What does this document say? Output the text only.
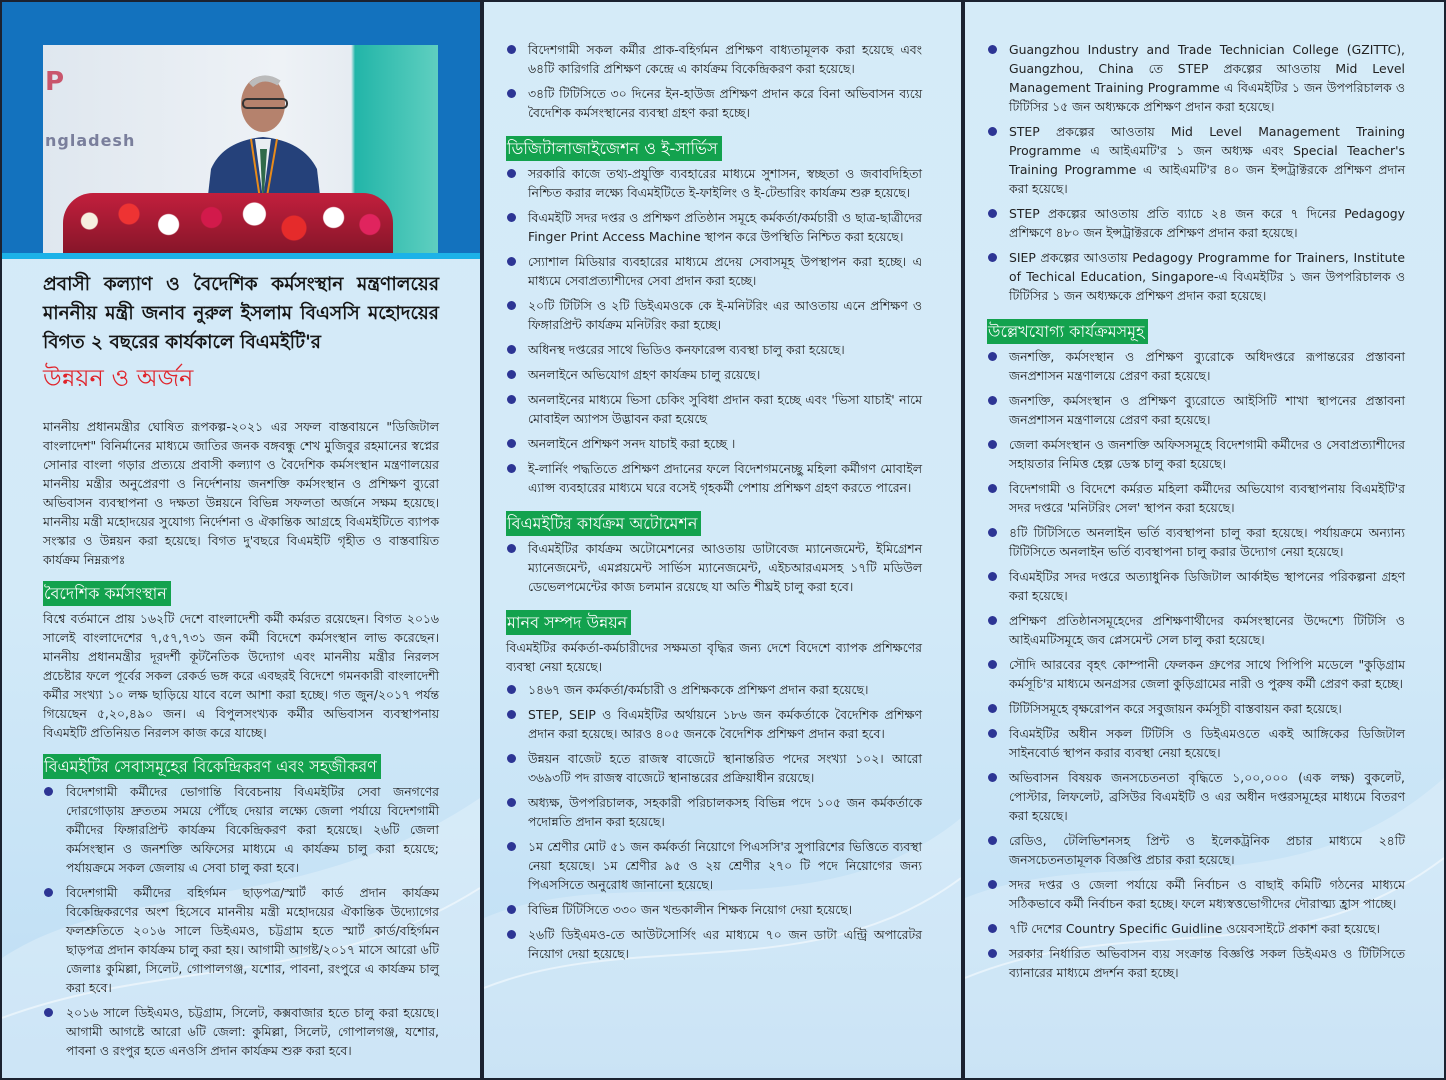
P
ngladesh
প্রবাসী কল্যাণ ও বৈদেশিক কর্মসংস্থান মন্ত্রণালয়ের মাননীয় মন্ত্রী জনাব নুরুল ইসলাম বিএসসি মহোদয়ের বিগত ২ বছরের কার্যকালে বিএমইটি'র
উন্নয়ন ও অর্জন

মাননীয় প্রধানমন্ত্রীর ঘোষিত রূপকল্প-২০২১ এর সফল বাস্তবায়নে "ডিজিটাল বাংলাদেশ" বিনির্মানের মাধ্যমে জাতির জনক বঙ্গবন্ধু শেখ মুজিবুর রহমানের স্বপ্নের সোনার বাংলা গড়ার প্রত্যয়ে প্রবাসী কল্যাণ ও বৈদেশিক কর্মসংস্থান মন্ত্রণালয়ের মাননীয় মন্ত্রীর অনুপ্রেরণা ও নির্দেশনায় জনশক্তি কর্মসংস্থান ও প্রশিক্ষণ ব্যুরো অভিবাসন ব্যবস্থাপনা ও দক্ষতা উন্নয়নে বিভিন্ন সফলতা অর্জনে সক্ষম হয়েছে। মাননীয় মন্ত্রী মহোদয়ের সুযোগ্য নির্দেশনা ও ঐকান্তিক আগ্রহে বিএমইটিতে ব্যাপক সংস্কার ও উন্নয়ন করা হয়েছে। বিগত দু'বছরে বিএমইটি গৃহীত ও বাস্তবায়িত কার্যক্রম নিম্নরূপঃ

বৈদেশিক কর্মসংস্থান

বিশ্বে বর্তমানে প্রায় ১৬২টি দেশে বাংলাদেশী কর্মী কর্মরত রয়েছেন। বিগত ২০১৬ সালেই বাংলাদেশের ৭,৫৭,৭৩১ জন কর্মী বিদেশে কর্মসংস্থান লাভ করেছেন। মাননীয় প্রধানমন্ত্রীর দূরদর্শী কূটনৈতিক উদ্যোগ এবং মাননীয় মন্ত্রীর নিরলস প্রচেষ্টার ফলে পূর্বের সকল রেকর্ড ভঙ্গ করে এবছরই বিদেশে গমনকারী বাংলাদেশী কর্মীর সংখ্যা ১০ লক্ষ ছাড়িয়ে যাবে বলে আশা করা হচ্ছে। গত জুন/২০১৭ পর্যন্ত গিয়েছেন ৫,২০,৪৯০ জন। এ বিপুলসংখ্যক কর্মীর অভিবাসন ব্যবস্থাপনায় বিএমইটি প্রতিনিয়ত নিরলস কাজ করে যাচ্ছে।

বিএমইটির সেবাসমূহের বিকেন্দ্রিকরণ এবং সহজীকরণ
বিদেশগামী কর্মীদের ভোগান্তি বিবেচনায় বিএমইটির সেবা জনগণের দোরগোড়ায় দ্রুততম সময়ে পৌঁছে দেয়ার লক্ষ্যে জেলা পর্যায়ে বিদেশগামী কর্মীদের ফিঙ্গারপ্রিন্ট কার্যক্রম বিকেন্দ্রিকরণ করা হয়েছে। ২৬টি জেলা কর্মসংস্থান ও জনশক্তি অফিসের মাধ্যমে এ কার্যক্রম চালু করা হয়েছে; পর্যায়ক্রমে সকল জেলায় এ সেবা চালু করা হবে।
বিদেশগামী কর্মীদের বহির্গমন ছাড়পত্র/স্মার্ট কার্ড প্রদান কার্যক্রম বিকেন্দ্রিকরণের অংশ হিসেবে মাননীয় মন্ত্রী মহোদয়ের ঐকান্তিক উদ্যোগের ফলশ্রুতিতে ২০১৬ সালে ডিইএমও, চট্টগ্রাম হতে স্মার্ট কার্ড/বহির্গমন ছাড়পত্র প্রদান কার্যক্রম চালু করা হয়। আগামী আগষ্ট/২০১৭ মাসে আরো ৬টি জেলাঃ কুমিল্লা, সিলেট, গোপালগঞ্জ, যশোর, পাবনা, রংপুরে এ কার্যক্রম চালু করা হবে।
২০১৬ সালে ডিইএমও, চট্টগ্রাম, সিলেট, কক্সবাজার হতে চালু করা হয়েছে। আগামী আগষ্টে আরো ৬টি জেলা: কুমিল্লা, সিলেট, গোপালগঞ্জ, যশোর, পাবনা ও রংপুর হতে এনওসি প্রদান কার্যক্রম শুরু করা হবে।
বিদেশগামী সকল কর্মীর প্রাক-বহির্গমন প্রশিক্ষণ বাধ্যতামূলক করা হয়েছে এবং ৬৪টি কারিগরি প্রশিক্ষণ কেন্দ্রে এ কার্যক্রম বিকেন্দ্রিকরণ করা হয়েছে।
৩৪টি টিটিসিতে ৩০ দিনের ইন-হাউজ প্রশিক্ষণ প্রদান করে বিনা অভিবাসন ব্যয়ে বৈদেশিক কর্মসংস্থানের ব্যবস্থা গ্রহণ করা হচ্ছে।
ডিজিটালাজাইজেশন ও ই-সার্ভিস
সরকারি কাজে তথ্য-প্রযুক্তি ব্যবহারের মাধ্যমে সুশাসন, স্বচ্ছতা ও জবাবদিহিতা নিশ্চিত করার লক্ষ্যে বিএমইটিতে ই-ফাইলিং ও ই-টেন্ডারিং কার্যক্রম শুরু হয়েছে।
বিএমইটি সদর দপ্তর ও প্রশিক্ষণ প্রতিষ্ঠান সমূহে কর্মকর্তা/কর্মচারী ও ছাত্র-ছাত্রীদের Finger Print Access Machine স্থাপন করে উপস্থিতি নিশ্চিত করা হয়েছে।
স্যোশাল মিডিয়ার ব্যবহারের মাধ্যমে প্রদেয় সেবাসমূহ উপস্থাপন করা হচ্ছে। এ মাধ্যমে সেবাপ্রত্যাশীদের সেবা প্রদান করা হচ্ছে।
২০টি টিটিসি ও ২টি ডিইএমওকে কে ই-মনিটরিং এর আওতায় এনে প্রশিক্ষণ ও ফিঙ্গারপ্রিন্ট কার্যক্রম মনিটরিং করা হচ্ছে।
অধিনস্থ দপ্তরের সাথে ভিডিও কনফারেন্স ব্যবস্থা চালু করা হয়েছে।
অনলাইনে অভিযোগ গ্রহণ কার্যক্রম চালু রয়েছে।
অনলাইনের মাধ্যমে ভিসা চেকিং সুবিধা প্রদান করা হচ্ছে এবং 'ভিসা যাচাই' নামে মোবাইল অ্যাপস উদ্ভাবন করা হয়েছে
অনলাইনে প্রশিক্ষণ সনদ যাচাই করা হচ্ছে ।
ই-লার্নিং পদ্ধতিতে প্রশিক্ষণ প্রদানের ফলে বিদেশগমনেচ্ছু মহিলা কর্মীগণ মোবাইল এ্যাপ্স ব্যবহারের মাধ্যমে ঘরে বসেই গৃহকর্মী পেশায় প্রশিক্ষণ গ্রহণ করতে পারেন।
বিএমইটির কার্যক্রম অটোমেশন
বিএমইটির কার্যক্রম অটোমেশনের আওতায় ডাটাবেজ ম্যানেজমেন্ট, ইমিগ্রেশন ম্যানেজমেন্ট, এমপ্লয়মেন্ট সার্ভিস ম্যানেজমেন্ট, এইচআরএমসহ ১৭টি মডিউল ডেভেলপমেন্টের কাজ চলমান রয়েছে যা অতি শীঘ্রই চালু করা হবে।
মানব সম্পদ উন্নয়ন

বিএমইটির কর্মকর্তা-কর্মচারীদের সক্ষমতা বৃদ্ধির জন্য দেশে বিদেশে ব্যাপক প্রশিক্ষণের ব্যবস্থা নেয়া হয়েছে।

১৪৬৭ জন কর্মকর্তা/কর্মচারী ও প্রশিক্ষককে প্রশিক্ষণ প্রদান করা হয়েছে।
STEP, SEIP ও বিএমইটির অর্থায়নে ১৮৬ জন কর্মকর্তাকে বৈদেশিক প্রশিক্ষণ প্রদান করা হয়েছে। আরও ৪০৫ জনকে বৈদেশিক প্রশিক্ষণ প্রদান করা হবে।
উন্নয়ন বাজেট হতে রাজস্ব বাজেটে স্থানান্তরিত পদের সংখ্যা ১০২। আরো ৩৬৯৩টি পদ রাজস্ব বাজেটে স্থানান্তরের প্রক্রিয়াধীন রয়েছে।
অধ্যক্ষ, উপপরিচালক, সহকারী পরিচালকসহ বিভিন্ন পদে ১০৫ জন কর্মকর্তাকে পদোন্নতি প্রদান করা হয়েছে।
১ম শ্রেণীর মোট ৫১ জন কর্মকর্তা নিয়োগে পিএসসি'র সুপারিশের ভিত্তিতে ব্যবস্থা নেয়া হয়েছে। ১ম শ্রেণীর ৯৫ ও ২য় শ্রেণীর ২৭০ টি পদে নিয়োগের জন্য পিএসসিতে অনুরোধ জানানো হয়েছে।
বিভিন্ন টিটিসিতে ৩৩০ জন খন্ডকালীন শিক্ষক নিয়োগ দেয়া হয়েছে।
২৬টি ডিইএমও-তে আউটসোর্সিং এর মাধ্যমে ৭০ জন ডাটা এন্ট্রি অপারেটর নিয়োগ দেয়া হয়েছে।
Guangzhou Industry and Trade Technician College (GZITTC), Guangzhou, China তে STEP প্রকল্পের আওতায় Mid Level Management Training Programme এ বিএমইটির ১ জন উপপরিচালক ও টিটিসির ১৫ জন অধ্যক্ষকে প্রশিক্ষণ প্রদান করা হয়েছে।
STEP প্রকল্পের আওতায় Mid Level Management Training Programme এ আইএমটি'র ১ জন অধ্যক্ষ এবং Special Teacher's Training Programme এ আইএমটি'র ৪০ জন ইন্সট্রাক্টরকে প্রশিক্ষণ প্রদান করা হয়েছে।
STEP প্রকল্পের আওতায় প্রতি ব্যাচে ২৪ জন করে ৭ দিনের Pedagogy প্রশিক্ষণে ৪৮০ জন ইন্সট্রাক্টরকে প্রশিক্ষণ প্রদান করা হয়েছে।
SIEP প্রকল্পের আওতায় Pedagogy Programme for Trainers, Institute of Techical Education, Singapore-এ বিএমইটির ১ জন উপপরিচালক ও টিটিসির ১ জন অধ্যক্ষকে প্রশিক্ষণ প্রদান করা হয়েছে।
উল্লেখযোগ্য কার্যক্রমসমূহ
জনশক্তি, কর্মসংস্থান ও প্রশিক্ষণ ব্যুরোকে অধিদপ্তরে রূপান্তরের প্রস্তাবনা জনপ্রশাসন মন্ত্রণালয়ে প্রেরণ করা হয়েছে।
জনশক্তি, কর্মসংস্থান ও প্রশিক্ষণ ব্যুরোতে আইসিটি শাখা স্থাপনের প্রস্তাবনা জনপ্রশাসন মন্ত্রণালয়ে প্রেরণ করা হয়েছে।
জেলা কর্মসংস্থান ও জনশক্তি অফিসসমূহে বিদেশগামী কর্মীদের ও সেবাপ্রত্যাশীদের সহায়তার নিমিত্ত হেল্প ডেস্ক চালু করা হয়েছে।
বিদেশগামী ও বিদেশে কর্মরত মহিলা কর্মীদের অভিযোগ ব্যবস্থাপনায় বিএমইটি'র সদর দপ্তরে 'মনিটরিং সেল' স্থাপন করা হয়েছে।
৪টি টিটিসিতে অনলাইন ভর্তি ব্যবস্থাপনা চালু করা হয়েছে। পর্যায়ক্রমে অন্যান্য টিটিসিতে অনলাইন ভর্তি ব্যবস্থাপনা চালু করার উদ্যোগ নেয়া হয়েছে।
বিএমইটির সদর দপ্তরে অত্যাধুনিক ডিজিটাল আর্কাইভ স্থাপনের পরিকল্পনা গ্রহণ করা হয়েছে।
প্রশিক্ষণ প্রতিষ্ঠানসমূহেদের প্রশিক্ষণার্থীদের কর্মসংস্থানের উদ্দেশ্যে টিটিসি ও আইএমটিসমূহে জব প্লেসমেন্ট সেল চালু করা হয়েছে।
সৌদি আরবের বৃহৎ কোম্পানী ফেলকন গ্রুপের সাথে পিপিপি মডেলে "কুড়িগ্রাম কর্মসূচি'র মাধ্যমে অনগ্রসর জেলা কুড়িগ্রামের নারী ও পুরুষ কর্মী প্রেরণ করা হচ্ছে।
টিটিসিসমূহে বৃক্ষরোপন করে সবুজায়ন কর্মসূচী বাস্তবায়ন করা হয়েছে।
বিএমইটির অধীন সকল টিটিসি ও ডিইএমওতে একই আঙ্গিকের ডিজিটাল সাইনবোর্ড স্থাপন করার ব্যবস্থা নেয়া হয়েছে।
অভিবাসন বিষয়ক জনসচেতনতা বৃদ্ধিতে ১,০০,০০০ (এক লক্ষ) বুকলেট, পোস্টার, লিফলেট, ব্রসিউর বিএমইটি ও এর অধীন দপ্তরসমূহের মাধ্যমে বিতরণ করা হয়েছে।
রেডিও, টেলিভিশনসহ প্রিন্ট ও ইলেকট্রনিক প্রচার মাধ্যমে ২৪টি জনসচেতনতামূলক বিজ্ঞপ্তি প্রচার করা হয়েছে।
সদর দপ্তর ও জেলা পর্যায়ে কর্মী নির্বাচন ও বাছাই কমিটি গঠনের মাধ্যমে সঠিকভাবে কর্মী নির্বাচন করা হচ্ছে। ফলে মধ্যস্বত্তভোগীদের দৌরাত্ম্য হ্রাস পাচ্ছে।
৭টি দেশের Country Specific Guidline ওয়েবসাইটে প্রকাশ করা হয়েছে।
সরকার নির্ধারিত অভিবাসন ব্যয় সংক্রান্ত বিজ্ঞপ্তি সকল ডিইএমও ও টিটিসিতে ব্যানারের মাধ্যমে প্রদর্শন করা হচ্ছে।
